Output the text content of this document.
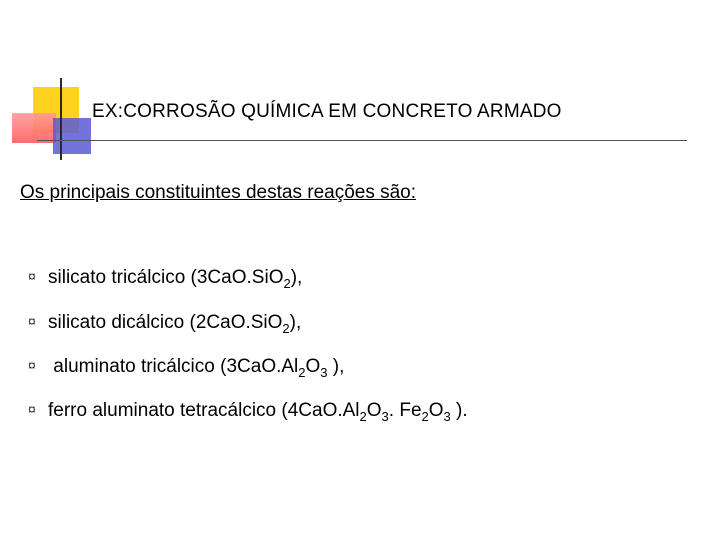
EX:CORROSÃO QUÍMICA EM CONCRETO ARMADO
Os principais constituintes destas reações são:
¤ silicato tricálcico (3CaO.SiO$_2$),
¤ silicato dicálcico (2CaO.SiO$_2$),
¤ aluminato tricálcico ($3CaO.Al_2O_3$ ),
¤ ferro aluminato tetracálcico ($4CaO.Al_2O_3$. $Fe_2O_3$ ).
